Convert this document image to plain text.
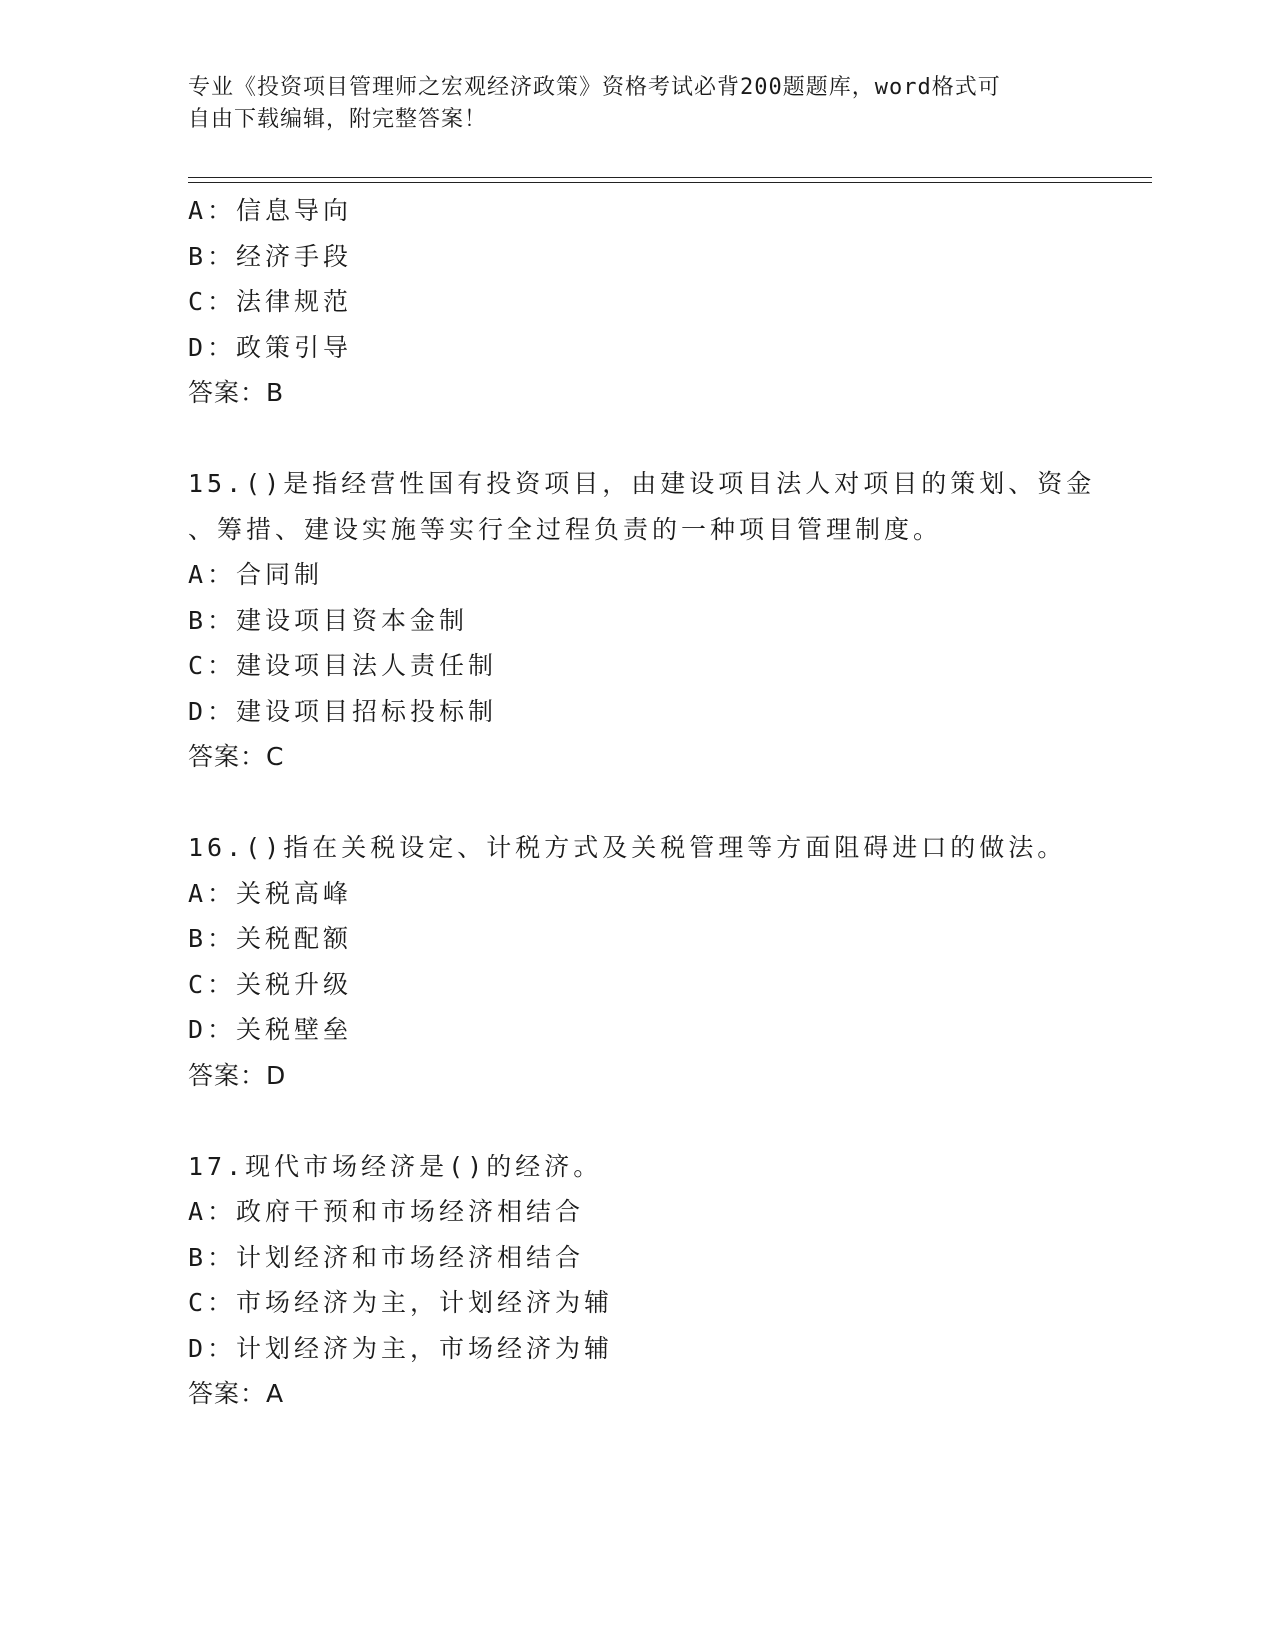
专业《投资项目管理师之宏观经济政策》资格考试必背200题题库，word格式可
自由下载编辑，附完整答案！
A：信息导向
B：经济手段
C：法律规范
D：政策引导
答案：B
15.()是指经营性国有投资项目，由建设项目法人对项目的策划、资金
、筹措、建设实施等实行全过程负责的一种项目管理制度。
A：合同制
B：建设项目资本金制
C：建设项目法人责任制
D：建设项目招标投标制
答案：C
16.()指在关税设定、计税方式及关税管理等方面阻碍进口的做法。
A：关税高峰
B：关税配额
C：关税升级
D：关税壁垒
答案：D
17.现代市场经济是()的经济。
A：政府干预和市场经济相结合
B：计划经济和市场经济相结合
C：市场经济为主，计划经济为辅
D：计划经济为主，市场经济为辅
答案：A
